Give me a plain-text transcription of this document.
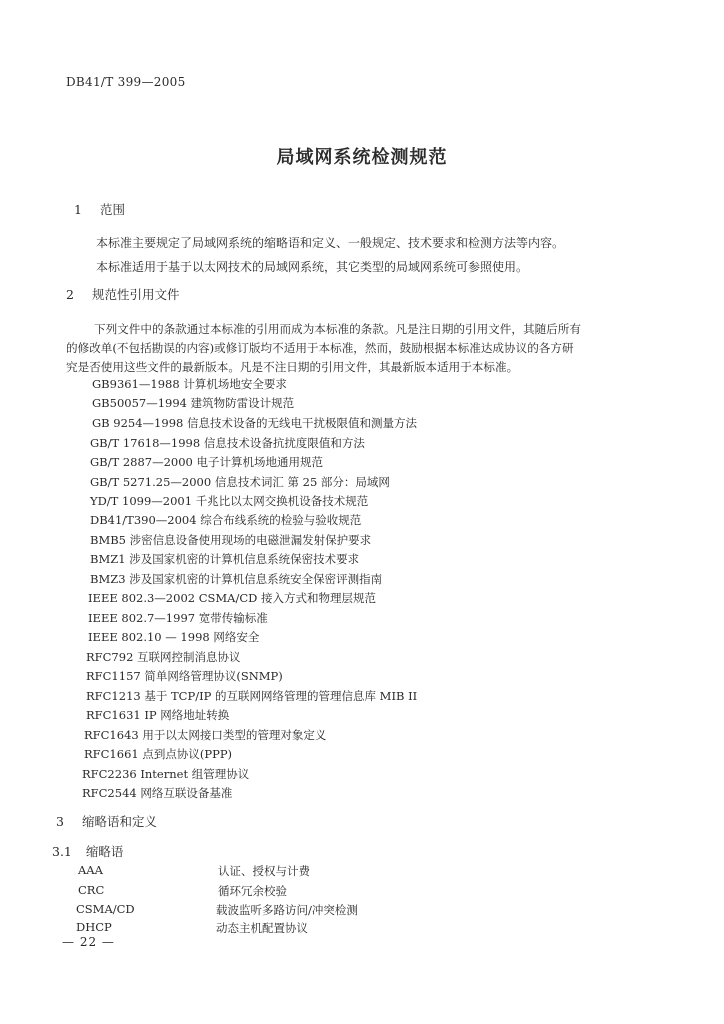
DB41/T 399—2005
局域网系统检测规范
1 范围
本标准主要规定了局域网系统的缩略语和定义、一般规定、技术要求和检测方法等内容。
本标准适用于基于以太网技术的局域网系统，其它类型的局域网系统可参照使用。
2 规范性引用文件
下列文件中的条款通过本标准的引用而成为本标准的条款。凡是注日期的引用文件，其随后所有
的修改单(不包括勘误的内容)或修订版均不适用于本标准，然而，鼓励根据本标准达成协议的各方研
究是否使用这些文件的最新版本。凡是不注日期的引用文件，其最新版本适用于本标准。
GB9361—1988 计算机场地安全要求
GB50057—1994 建筑物防雷设计规范
GB 9254—1998 信息技术设备的无线电干扰极限值和测量方法
GB/T 17618—1998 信息技术设备抗扰度限值和方法
GB/T 2887—2000 电子计算机场地通用规范
GB/T 5271.25—2000 信息技术词汇 第 25 部分：局域网
YD/T 1099—2001 千兆比以太网交换机设备技术规范
DB41/T390—2004 综合布线系统的检验与验收规范
BMB5 涉密信息设备使用现场的电磁泄漏发射保护要求
BMZ1 涉及国家机密的计算机信息系统保密技术要求
BMZ3 涉及国家机密的计算机信息系统安全保密评测指南
IEEE 802.3—2002 CSMA/CD 接入方式和物理层规范
IEEE 802.7—1997 宽带传输标准
IEEE 802.10 — 1998 网络安全
RFC792 互联网控制消息协议
RFC1157 简单网络管理协议(SNMP)
RFC1213 基于 TCP/IP 的互联网网络管理的管理信息库 MIB II
RFC1631 IP 网络地址转换
RFC1643 用于以太网接口类型的管理对象定义
RFC1661 点到点协议(PPP)
RFC2236 Internet 组管理协议
RFC2544 网络互联设备基准
3 缩略语和定义
3.1 缩略语
AAA	认证、授权与计费
CRC	循环冗余校验
CSMA/CD	载波监听多路访问/冲突检测
DHCP	动态主机配置协议
— 22 —
